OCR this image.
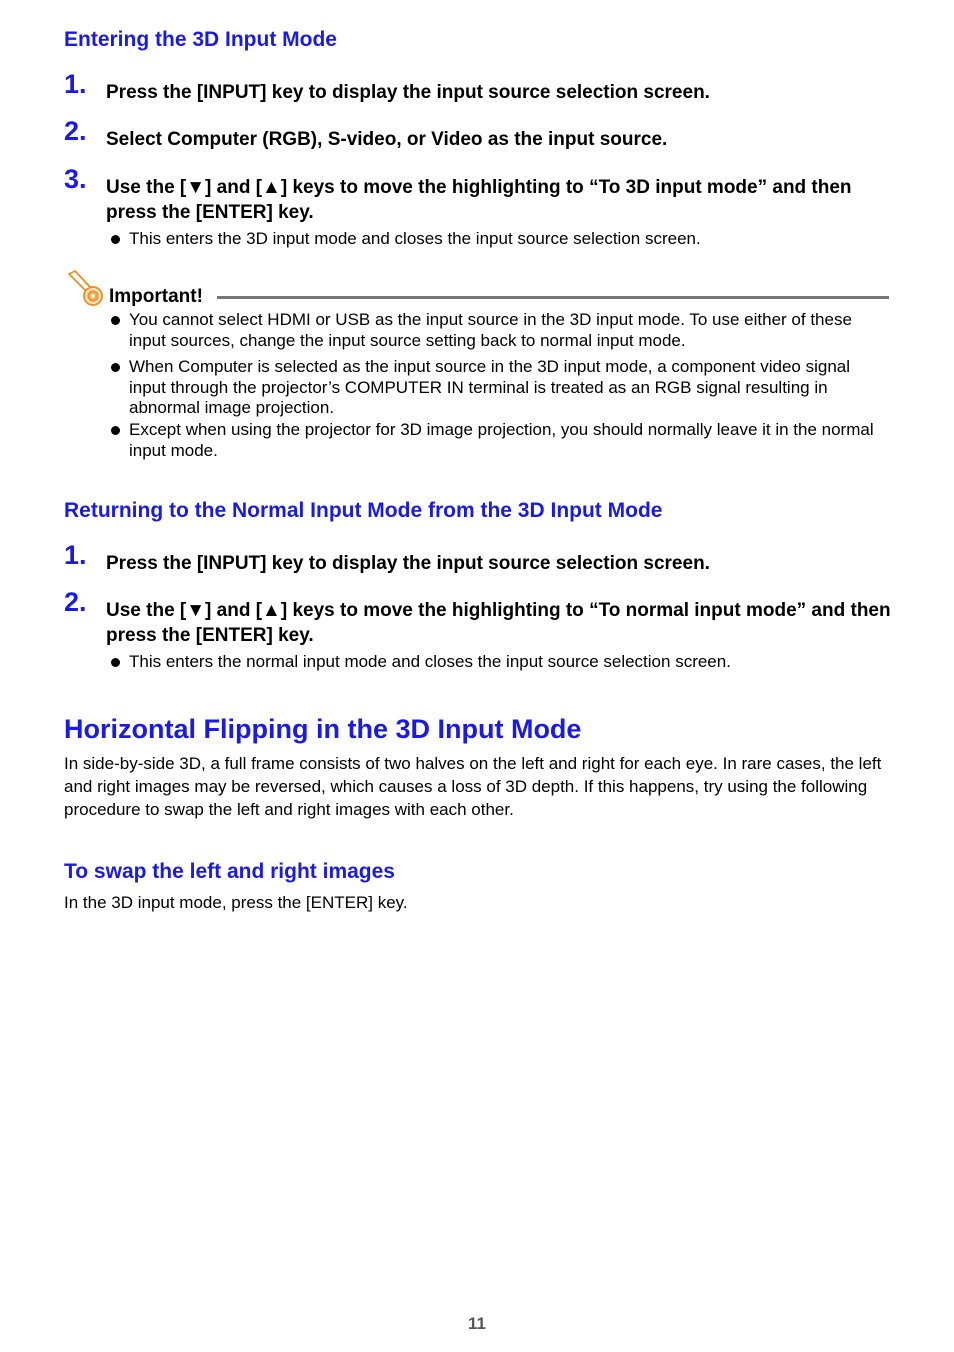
Entering the 3D Input Mode
1. Press the [INPUT] key to display the input source selection screen.
2. Select Computer (RGB), S-video, or Video as the input source.
3. Use the [▼] and [▲] keys to move the highlighting to “To 3D input mode” and then press the [ENTER] key.
This enters the 3D input mode and closes the input source selection screen.
Important!
You cannot select HDMI or USB as the input source in the 3D input mode. To use either of these input sources, change the input source setting back to normal input mode.
When Computer is selected as the input source in the 3D input mode, a component video signal input through the projector’s COMPUTER IN terminal is treated as an RGB signal resulting in abnormal image projection.
Except when using the projector for 3D image projection, you should normally leave it in the normal input mode.
Returning to the Normal Input Mode from the 3D Input Mode
1. Press the [INPUT] key to display the input source selection screen.
2. Use the [▼] and [▲] keys to move the highlighting to “To normal input mode” and then press the [ENTER] key.
This enters the normal input mode and closes the input source selection screen.
Horizontal Flipping in the 3D Input Mode

In side-by-side 3D, a full frame consists of two halves on the left and right for each eye. In rare cases, the left and right images may be reversed, which causes a loss of 3D depth. If this happens, try using the following procedure to swap the left and right images with each other.

To swap the left and right images

In the 3D input mode, press the [ENTER] key.

11
